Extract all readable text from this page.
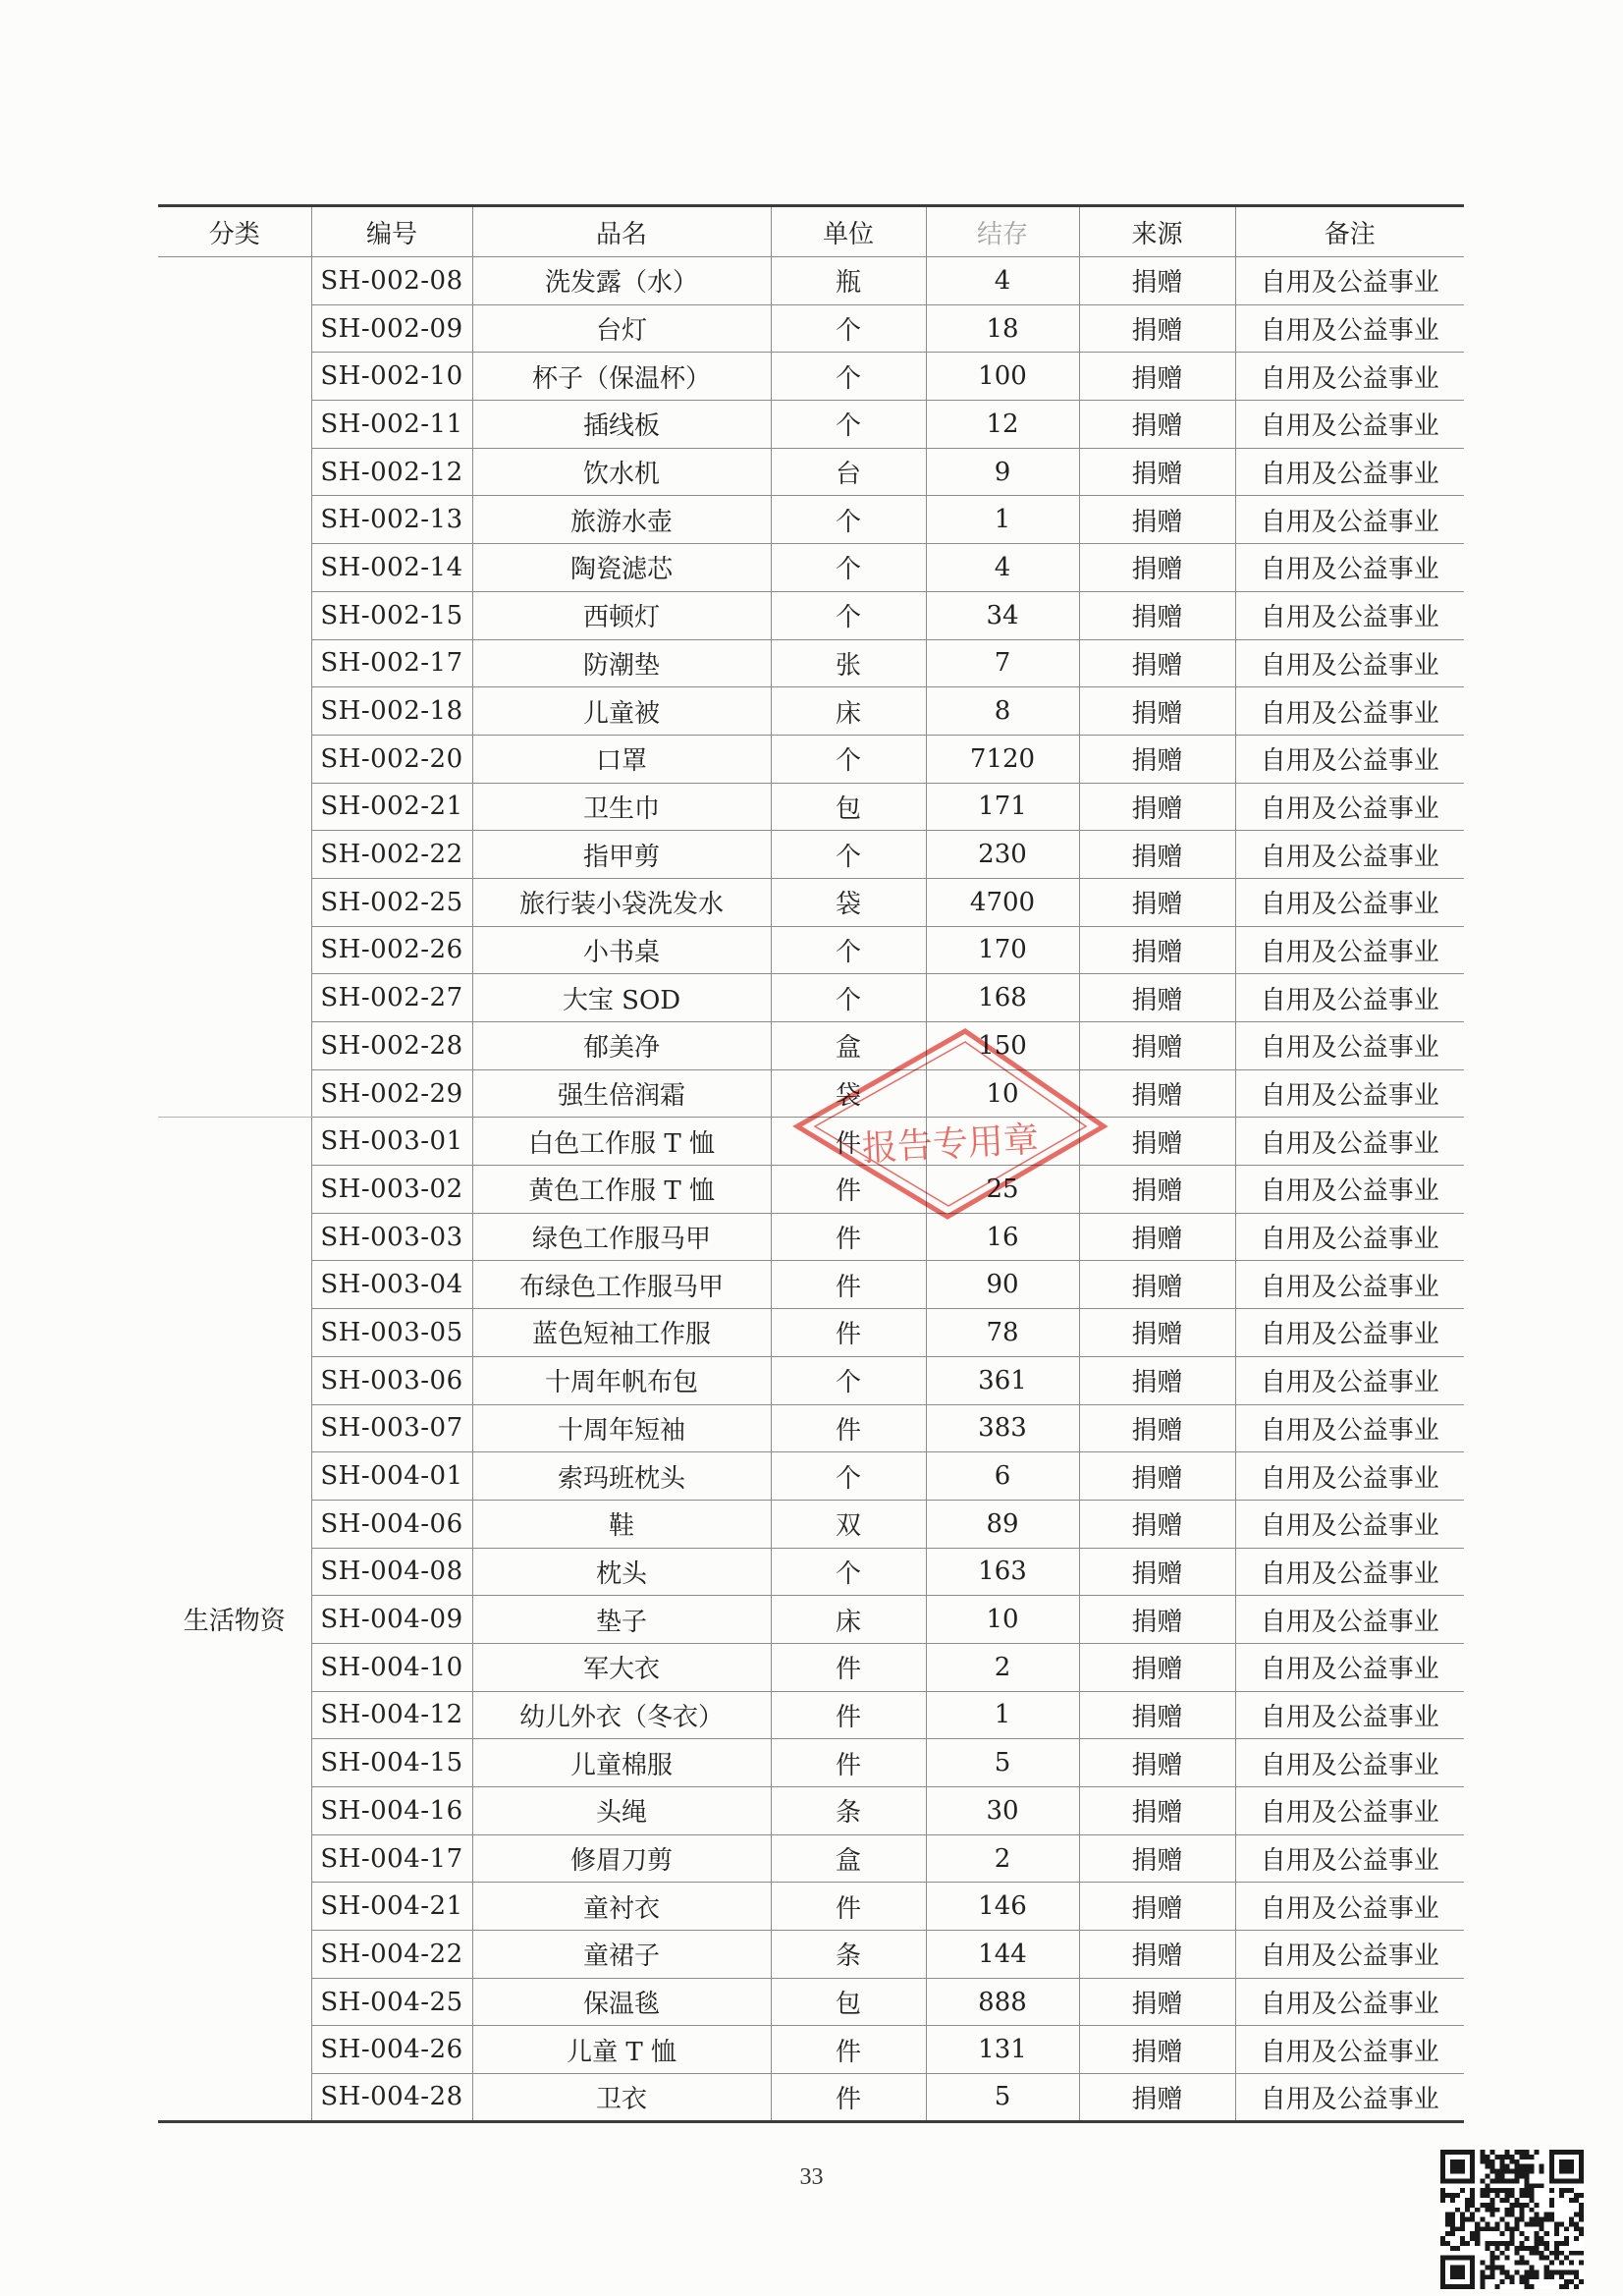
分类	编号	品名	单位	结存	来源	备注
	SH-002-08	洗发露（水）	瓶	4	捐赠	自用及公益事业
	SH-002-09	台灯	个	18	捐赠	自用及公益事业
	SH-002-10	杯子（保温杯）	个	100	捐赠	自用及公益事业
	SH-002-11	插线板	个	12	捐赠	自用及公益事业
	SH-002-12	饮水机	台	9	捐赠	自用及公益事业
	SH-002-13	旅游水壶	个	1	捐赠	自用及公益事业
	SH-002-14	陶瓷滤芯	个	4	捐赠	自用及公益事业
	SH-002-15	西顿灯	个	34	捐赠	自用及公益事业
	SH-002-17	防潮垫	张	7	捐赠	自用及公益事业
	SH-002-18	儿童被	床	8	捐赠	自用及公益事业
	SH-002-20	口罩	个	7120	捐赠	自用及公益事业
	SH-002-21	卫生巾	包	171	捐赠	自用及公益事业
	SH-002-22	指甲剪	个	230	捐赠	自用及公益事业
	SH-002-25	旅行装小袋洗发水	袋	4700	捐赠	自用及公益事业
	SH-002-26	小书桌	个	170	捐赠	自用及公益事业
	SH-002-27	大宝 SOD	个	168	捐赠	自用及公益事业
	SH-002-28	郁美净	盒	150	捐赠	自用及公益事业
	SH-002-29	强生倍润霜	袋	10	捐赠	自用及公益事业
生活物资	SH-003-01	白色工作服 T 恤	件		捐赠	自用及公益事业
	SH-003-02	黄色工作服 T 恤	件	25	捐赠	自用及公益事业
	SH-003-03	绿色工作服马甲	件	16	捐赠	自用及公益事业
	SH-003-04	布绿色工作服马甲	件	90	捐赠	自用及公益事业
	SH-003-05	蓝色短袖工作服	件	78	捐赠	自用及公益事业
	SH-003-06	十周年帆布包	个	361	捐赠	自用及公益事业
	SH-003-07	十周年短袖	件	383	捐赠	自用及公益事业
	SH-004-01	索玛班枕头	个	6	捐赠	自用及公益事业
	SH-004-06	鞋	双	89	捐赠	自用及公益事业
	SH-004-08	枕头	个	163	捐赠	自用及公益事业
	SH-004-09	垫子	床	10	捐赠	自用及公益事业
	SH-004-10	军大衣	件	2	捐赠	自用及公益事业
	SH-004-12	幼儿外衣（冬衣）	件	1	捐赠	自用及公益事业
	SH-004-15	儿童棉服	件	5	捐赠	自用及公益事业
	SH-004-16	头绳	条	30	捐赠	自用及公益事业
	SH-004-17	修眉刀剪	盒	2	捐赠	自用及公益事业
	SH-004-21	童衬衣	件	146	捐赠	自用及公益事业
	SH-004-22	童裙子	条	144	捐赠	自用及公益事业
	SH-004-25	保温毯	包	888	捐赠	自用及公益事业
	SH-004-26	儿童 T 恤	件	131	捐赠	自用及公益事业
	SH-004-28	卫衣	件	5	捐赠	自用及公益事业
报告专用章
33
